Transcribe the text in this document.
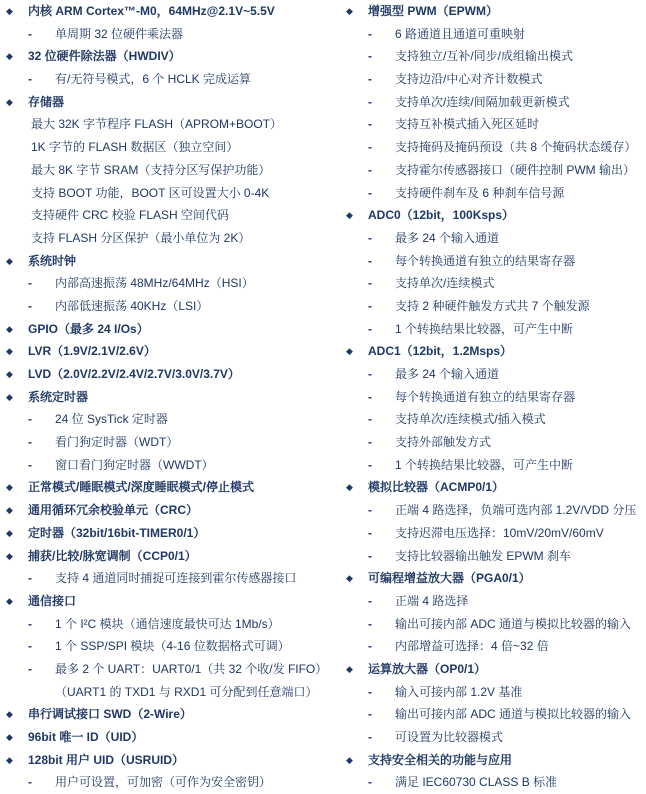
◆	内核 ARM Cortex™-M0，64MHz@2.1V~5.5V
-	单周期 32 位硬件乘法器
◆	32 位硬件除法器（HWDIV）
-	有/无符号模式，6 个 HCLK 完成运算
◆	存储器
最大 32K 字节程序 FLASH（APROM+BOOT）
1K 字节的 FLASH 数据区（独立空间）
最大 8K 字节 SRAM（支持分区写保护功能）
支持 BOOT 功能，BOOT 区可设置大小 0-4K
支持硬件 CRC 校验 FLASH 空间代码
支持 FLASH 分区保护（最小单位为 2K）
◆	系统时钟
-	内部高速振荡 48MHz/64MHz（HSI）
-	内部低速振荡 40KHz（LSI）
◆	GPIO（最多 24 I/Os）
◆	LVR（1.9V/2.1V/2.6V）
◆	LVD（2.0V/2.2V/2.4V/2.7V/3.0V/3.7V）
◆	系统定时器
-	24 位 SysTick 定时器
-	看门狗定时器（WDT）
-	窗口看门狗定时器（WWDT）
◆	正常模式/睡眠模式/深度睡眠模式/停止模式
◆	通用循环冗余校验单元（CRC）
◆	定时器（32bit/16bit-TIMER0/1）
◆	捕获/比较/脉宽调制（CCP0/1）
-	支持 4 通道同时捕捉可连接到霍尔传感器接口
◆	通信接口
-	1 个 I²C 模块（通信速度最快可达 1Mb/s）
-	1 个 SSP/SPI 模块（4-16 位数据格式可调）
-	最多 2 个 UART：UART0/1（共 32 个收/发 FIFO）
（UART1 的 TXD1 与 RXD1 可分配到任意端口）
◆	串行调试接口 SWD（2-Wire）
◆	96bit 唯一 ID（UID）
◆	128bit 用户 UID（USRUID）
-	用户可设置，可加密（可作为安全密钥）
◆	增强型 PWM（EPWM）
-	6 路通道且通道可重映射
-	支持独立/互补/同步/成组输出模式
-	支持边沿/中心对齐计数模式
-	支持单次/连续/间隔加载更新模式
-	支持互补模式插入死区延时
-	支持掩码及掩码预设（共 8 个掩码状态缓存）
-	支持霍尔传感器接口（硬件控制 PWM 输出）
-	支持硬件刹车及 6 种刹车信号源
◆	ADC0（12bit，100Ksps）
-	最多 24 个输入通道
-	每个转换通道有独立的结果寄存器
-	支持单次/连续模式
-	支持 2 种硬件触发方式共 7 个触发源
-	1 个转换结果比较器，可产生中断
◆	ADC1（12bit，1.2Msps）
-	最多 24 个输入通道
-	每个转换通道有独立的结果寄存器
-	支持单次/连续模式/插入模式
-	支持外部触发方式
-	1 个转换结果比较器，可产生中断
◆	模拟比较器（ACMP0/1）
-	正端 4 路选择，负端可选内部 1.2V/VDD 分压
-	支持迟滞电压选择：10mV/20mV/60mV
-	支持比较器输出触发 EPWM 刹车
◆	可编程增益放大器（PGA0/1）
-	正端 4 路选择
-	输出可接内部 ADC 通道与模拟比较器的输入
-	内部增益可选择：4 倍~32 倍
◆	运算放大器（OP0/1）
-	输入可接内部 1.2V 基准
-	输出可接内部 ADC 通道与模拟比较器的输入
-	可设置为比较器模式
◆	支持安全相关的功能与应用
-	满足 IEC60730 CLASS B 标准
